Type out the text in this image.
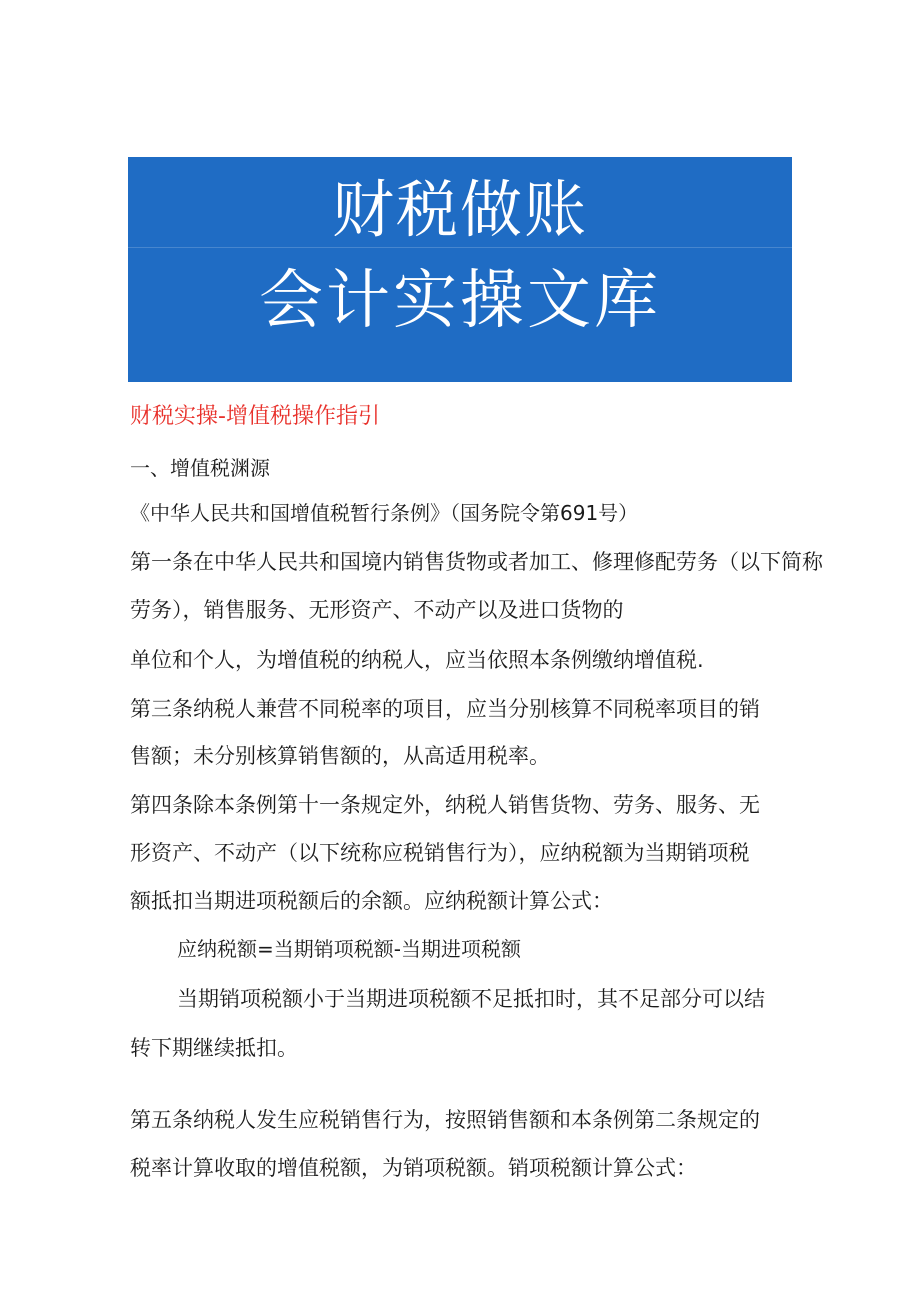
财税做账
会计实操文库
财税实操-增值税操作指引
一、增值税渊源
《中华人民共和国增值税暂行条例》（国务院令第691号）
第一条在中华人民共和国境内销售货物或者加工、修理修配劳务（以下简称
劳务），销售服务、无形资产、不动产以及进口货物的
单位和个人，为增值税的纳税人，应当依照本条例缴纳增值税.
第三条纳税人兼营不同税率的项目，应当分别核算不同税率项目的销
售额；未分别核算销售额的，从高适用税率。
第四条除本条例第十一条规定外，纳税人销售货物、劳务、服务、无
形资产、不动产（以下统称应税销售行为），应纳税额为当期销项税
额抵扣当期进项税额后的余额。应纳税额计算公式：
应纳税额=当期销项税额-当期进项税额
当期销项税额小于当期进项税额不足抵扣时，其不足部分可以结
转下期继续抵扣。
第五条纳税人发生应税销售行为，按照销售额和本条例第二条规定的
税率计算收取的增值税额，为销项税额。销项税额计算公式：
